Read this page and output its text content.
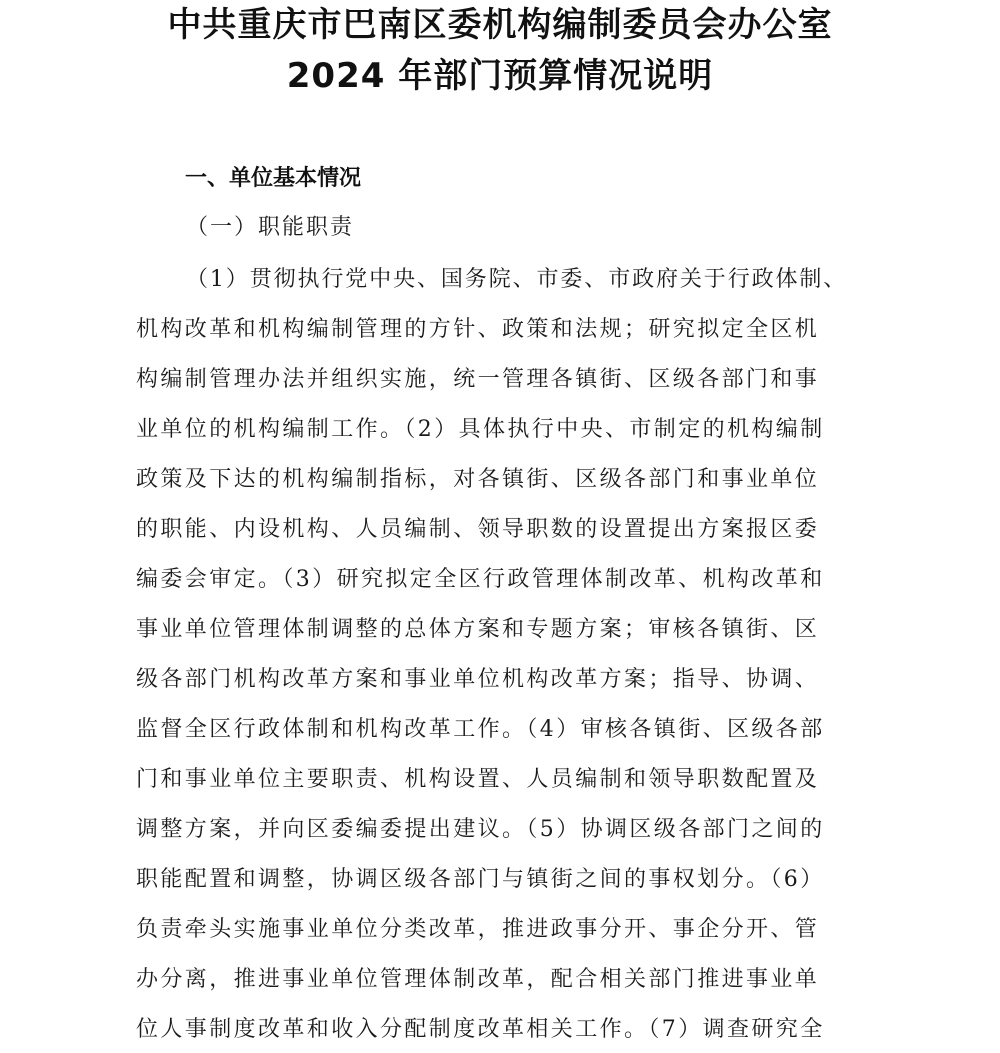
中共重庆市巴南区委机构编制委员会办公室
2024 年部门预算情况说明
一、单位基本情况
（一）职能职责
（1）贯彻执行党中央、国务院、市委、市政府关于行政体制、
机构改革和机构编制管理的方针、政策和法规；研究拟定全区机
构编制管理办法并组织实施，统一管理各镇街、区级各部门和事
业单位的机构编制工作。（2）具体执行中央、市制定的机构编制
政策及下达的机构编制指标，对各镇街、区级各部门和事业单位
的职能、内设机构、人员编制、领导职数的设置提出方案报区委
编委会审定。（3）研究拟定全区行政管理体制改革、机构改革和
事业单位管理体制调整的总体方案和专题方案；审核各镇街、区
级各部门机构改革方案和事业单位机构改革方案；指导、协调、
监督全区行政体制和机构改革工作。（4）审核各镇街、区级各部
门和事业单位主要职责、机构设置、人员编制和领导职数配置及
调整方案，并向区委编委提出建议。（5）协调区级各部门之间的
职能配置和调整，协调区级各部门与镇街之间的事权划分。（6）
负责牵头实施事业单位分类改革，推进政事分开、事企分开、管
办分离，推进事业单位管理体制改革，配合相关部门推进事业单
位人事制度改革和收入分配制度改革相关工作。（7）调查研究全
